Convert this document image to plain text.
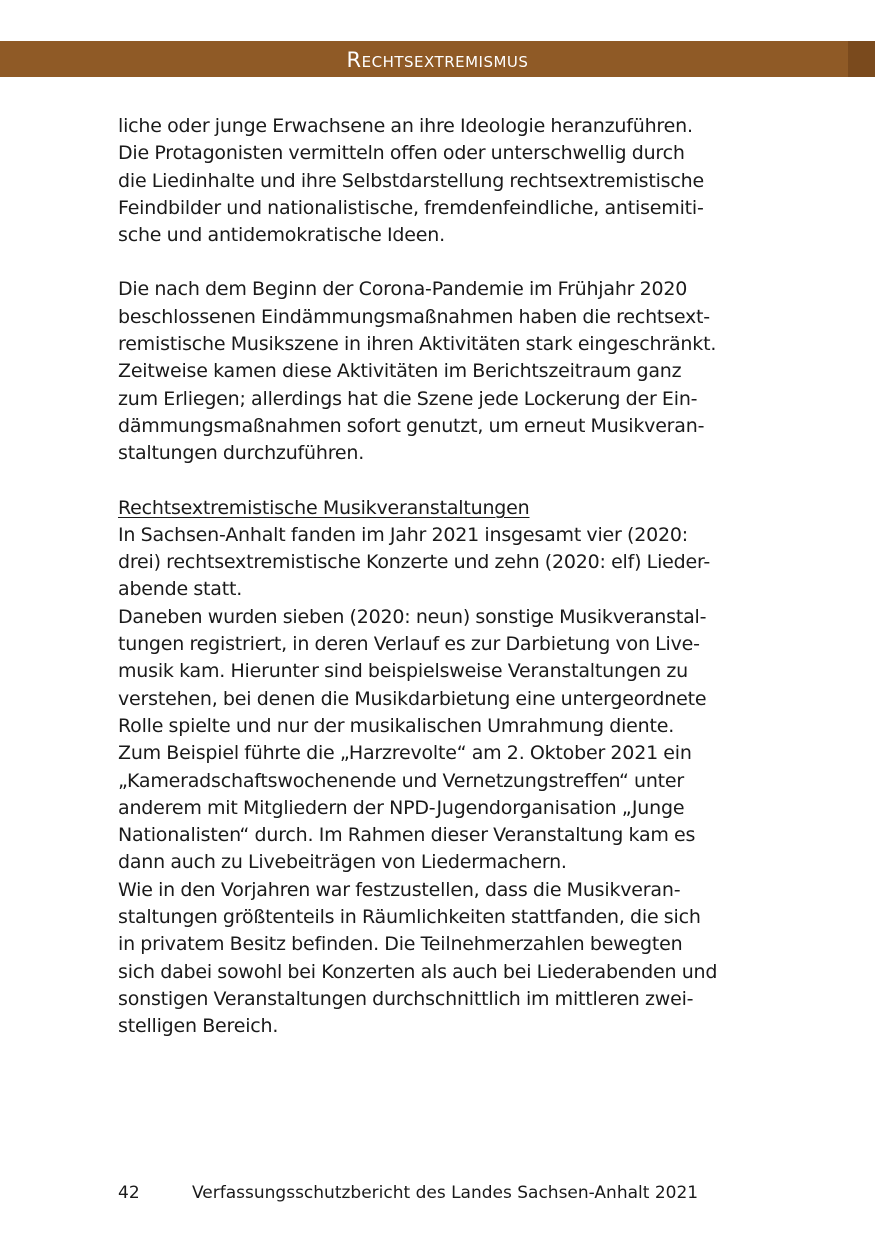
Rechtsextremismus

liche oder junge Erwachsene an ihre Ideologie heranzuführen.
Die Protagonisten vermitteln offen oder unterschwellig durch
die Liedinhalte und ihre Selbstdarstellung rechtsextremistische
Feindbilder und nationalistische, fremdenfeindliche, antisemiti-
sche und antidemokratische Ideen.

Die nach dem Beginn der Corona-Pandemie im Frühjahr 2020
beschlossenen Eindämmungsmaßnahmen haben die rechtsext-
remistische Musikszene in ihren Aktivitäten stark eingeschränkt.
Zeitweise kamen diese Aktivitäten im Berichtszeitraum ganz
zum Erliegen; allerdings hat die Szene jede Lockerung der Ein-
dämmungsmaßnahmen sofort genutzt, um erneut Musikveran-
staltungen durchzuführen.

Rechtsextremistische Musikveranstaltungen
In Sachsen-Anhalt fanden im Jahr 2021 insgesamt vier (2020:
drei) rechtsextremistische Konzerte und zehn (2020: elf) Lieder-
abende statt.
Daneben wurden sieben (2020: neun) sonstige Musikveranstal-
tungen registriert, in deren Verlauf es zur Darbietung von Live-
musik kam. Hierunter sind beispielsweise Veranstaltungen zu
verstehen, bei denen die Musikdarbietung eine untergeordnete
Rolle spielte und nur der musikalischen Umrahmung diente.
Zum Beispiel führte die „Harzrevolte“ am 2. Oktober 2021 ein
„Kameradschaftswochenende und Vernetzungstreffen“ unter
anderem mit Mitgliedern der NPD-Jugendorganisation „Junge
Nationalisten“ durch. Im Rahmen dieser Veranstaltung kam es
dann auch zu Livebeiträgen von Liedermachern.
Wie in den Vorjahren war festzustellen, dass die Musikveran-
staltungen größtenteils in Räumlichkeiten stattfanden, die sich
in privatem Besitz befinden. Die Teilnehmerzahlen bewegten
sich dabei sowohl bei Konzerten als auch bei Liederabenden und
sonstigen Veranstaltungen durchschnittlich im mittleren zwei-
stelligen Bereich.

42	Verfassungsschutzbericht des Landes Sachsen-Anhalt 2021
